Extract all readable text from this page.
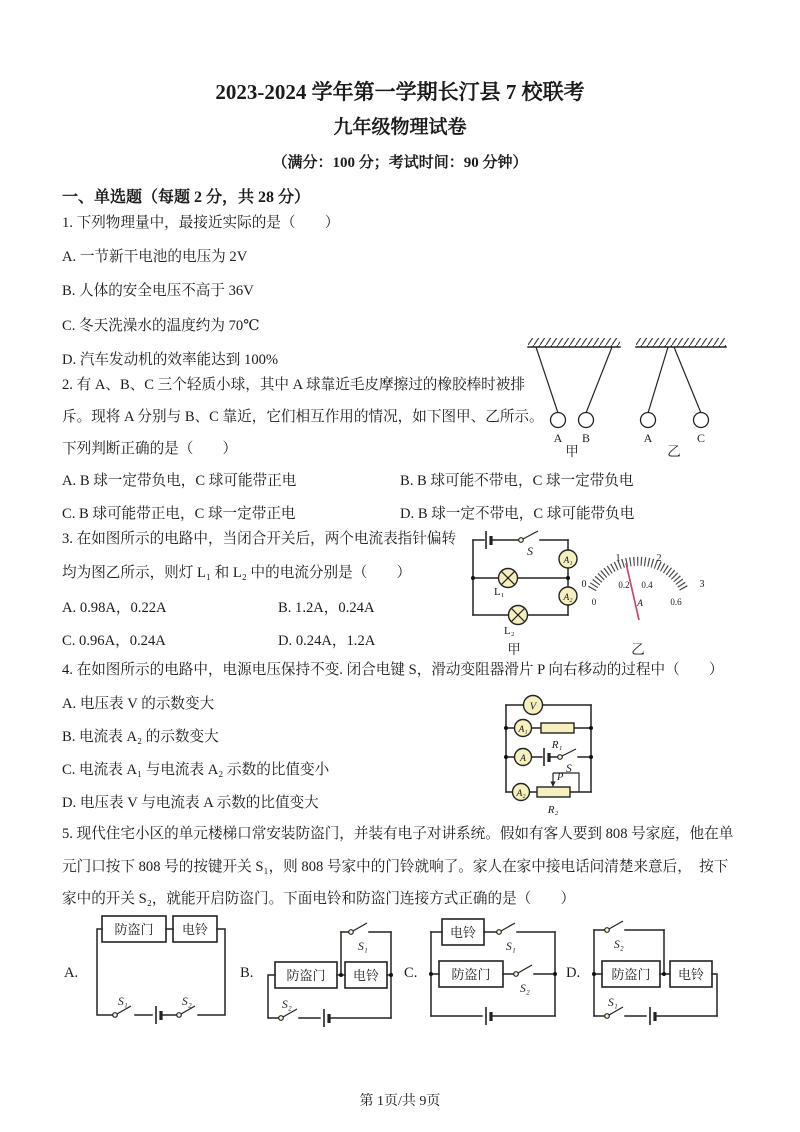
2023-2024 学年第一学期长汀县 7 校联考
九年级物理试卷
（满分：100 分；考试时间：90 分钟）
一、单选题（每题 2 分，共 28 分）
1. 下列物理量中，最接近实际的是（　　）
A. 一节新干电池的电压为 2V
B. 人体的安全电压不高于 36V
C. 冬天洗澡水的温度约为 70℃
D. 汽车发动机的效率能达到 100%
2. 有 A、B、C 三个轻质小球，其中 A 球靠近毛皮摩擦过的橡胶棒时被排
斥。现将 A 分别与 B、C 靠近，它们相互作用的情况，如下图甲、乙所示。
下列判断正确的是（　　）
A. B 球一定带负电，C 球可能带正电	B. B 球可能不带电，C 球一定带负电
C. B 球可能带正电，C 球一定带正电	D. B 球一定不带电，C 球可能带负电
A B
甲
A	C
乙
3. 在如图所示的电路中，当闭合开关后，两个电流表指针偏转
均为图乙所示，则灯 L₁ 和 L₂ 中的电流分别是（　　）
A. 0.98A，0.22A	B. 1.2A，0.24A
C. 0.96A，0.24A	D. 0.24A，1.2A
S
A₁
L₁	A₂
L₂
甲
0
1	2
3
0
0.2 0.4
0.6
A
乙
4. 在如图所示的电路中，电源电压保持不变. 闭合电键 S，滑动变阻器滑片 P 向右移动的过程中（　　）
A. 电压表 V 的示数变大
B. 电流表 A₂ 的示数变大
C. 电流表 A₁ 与电流表 A₂ 示数的比值变小
D. 电压表 V 与电流表 A 示数的比值变大
V
A₁
R₁
A
S
A₂
P
R₂
5. 现代住宅小区的单元楼梯口常安装防盗门，并装有电子对讲系统。假如有客人要到 808 号家庭，他在单
元门口按下 808 号的按键开关 S₁，则 808 号家中的门铃就响了。家人在家中接电话问清楚来意后，　按下
家中的开关 S₂，就能开启防盗门。下面电铃和防盗门连接方式正确的是（　　）
A.	B.	C.	D.
防盗门 电铃
S₁	S₂
防盗门 电铃
S₁
S₂
电铃
防盗门
S₁
S₂
防盗门 电铃
S₂
S₁
第 1页/共 9页
